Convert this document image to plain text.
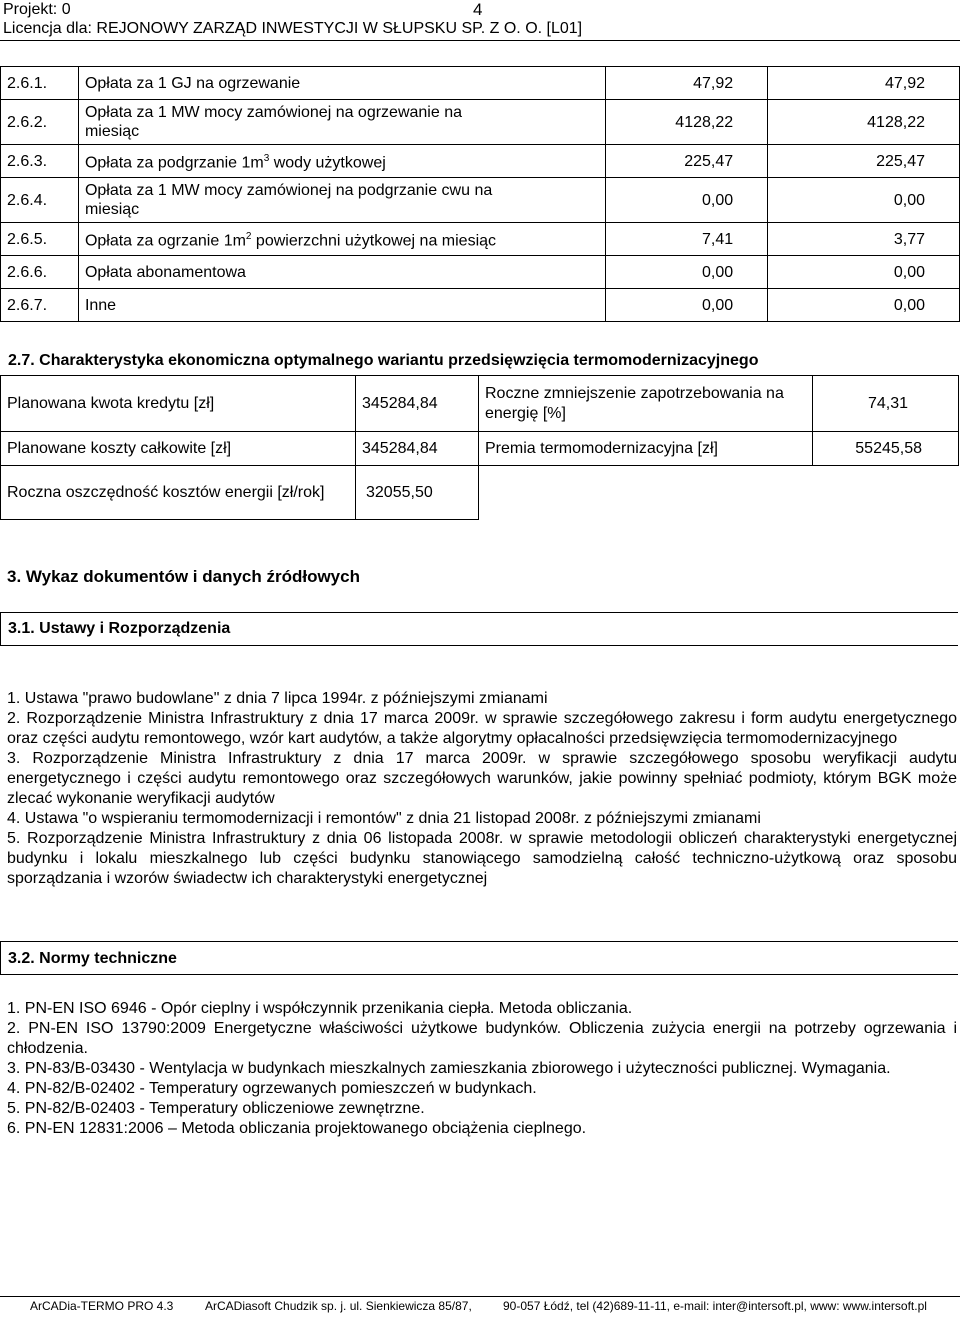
Projekt: 0	4
Licencja dla: REJONOWY ZARZĄD INWESTYCJI W SŁUPSKU SP. Z O. O. [L01]
2.6.1.	Opłata za 1 GJ na ogrzewanie	47,92	47,92
2.6.2.	Opłata za 1 MW mocy zamówionej na ogrzewanie na miesiąc	4128,22	4128,22
2.6.3.	Opłata za podgrzanie $1m^3$ wody użytkowej	225,47	225,47
2.6.4.	Opłata za 1 MW mocy zamówionej na podgrzanie cwu na miesiąc	0,00	0,00
2.6.5.	Opłata za ogrzanie $1m^2$ powierzchni użytkowej na miesiąc	7,41	3,77
2.6.6.	Opłata abonamentowa	0,00	0,00
2.6.7.	Inne	0,00	0,00
2.7. Charakterystyka ekonomiczna optymalnego wariantu przedsięwzięcia termomodernizacyjnego
Planowana kwota kredytu [zł]	345284,84	Roczne zmniejszenie zapotrzebowania na energię [%]	74,31
Planowane koszty całkowite [zł]	345284,84	Premia termomodernizacyjna [zł]	55245,58
Roczna oszczędność kosztów energii [zł/rok]	32055,50		
3. Wykaz dokumentów i danych źródłowych
3.1. Ustawy i Rozporządzenia

1. Ustawa "prawo budowlane" z dnia 7 lipca 1994r. z późniejszymi zmianami

2. Rozporządzenie Ministra Infrastruktury z dnia 17 marca 2009r. w sprawie szczegółowego zakresu i form audytu energetycznego oraz części audytu remontowego, wzór kart audytów, a także algorytmy opłacalności przedsięwzięcia termomodernizacyjnego

3. Rozporządzenie Ministra Infrastruktury z dnia 17 marca 2009r. w sprawie szczegółowego sposobu weryfikacji audytu energetycznego i części audytu remontowego oraz szczegółowych warunków, jakie powinny spełniać podmioty, którym BGK może zlecać wykonanie weryfikacji audytów

4. Ustawa "o wspieraniu termomodernizacji i remontów" z dnia 21 listopad 2008r. z późniejszymi zmianami

5. Rozporządzenie Ministra Infrastruktury z dnia 06 listopada 2008r. w sprawie metodologii obliczeń charakterystyki energetycznej budynku i lokalu mieszkalnego lub części budynku stanowiącego samodzielną całość techniczno-użytkową oraz sposobu sporządzania i wzorów świadectw ich charakterystyki energetycznej

3.2. Normy techniczne

1. PN-EN ISO 6946 - Opór cieplny i współczynnik przenikania ciepła. Metoda obliczania.

2. PN-EN ISO 13790:2009 Energetyczne właściwości użytkowe budynków. Obliczenia zużycia energii na potrzeby ogrzewania i chłodzenia.

3. PN-83/B-03430 - Wentylacja w budynkach mieszkalnych zamieszkania zbiorowego i użyteczności publicznej. Wymagania.

4. PN-82/B-02402 - Temperatury ogrzewanych pomieszczeń w budynkach.

5. PN-82/B-02403 - Temperatury obliczeniowe zewnętrzne.

6. PN-EN 12831:2006 – Metoda obliczania projektowanego obciążenia cieplnego.

ArCADia-TERMO PRO 4.3	ArCADiasoft Chudzik sp. j. ul. Sienkiewicza 85/87,	90-057 Łódź, tel (42)689-11-11, e-mail: inter@intersoft.pl, www: www.intersoft.pl
